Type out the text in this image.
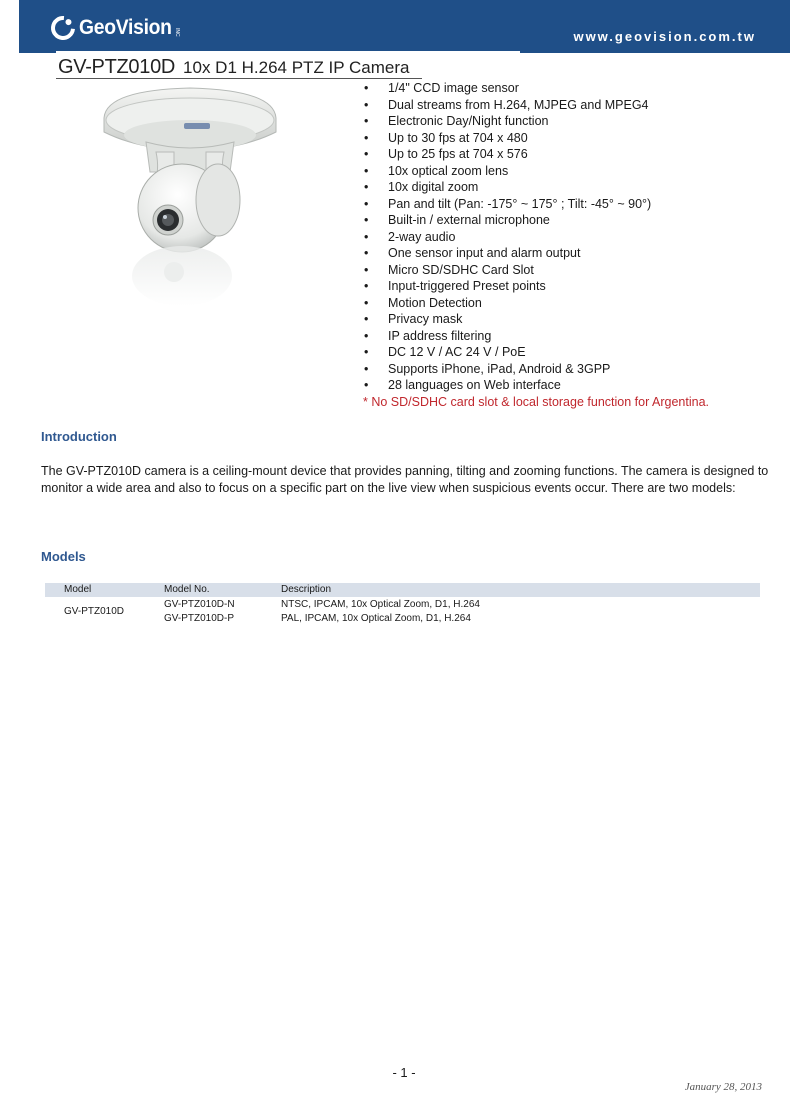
GeoVision INC	www.geovision.com.tw
GV-PTZ010D 10x D1 H.264 PTZ IP Camera
• 1/4" CCD image sensor
• Dual streams from H.264, MJPEG and MPEG4
• Electronic Day/Night function
• Up to 30 fps at 704 x 480
• Up to 25 fps at 704 x 576
• 10x optical zoom lens
• 10x digital zoom
• Pan and tilt (Pan: -175° ~ 175° ; Tilt: -45° ~ 90°)
• Built-in / external microphone
• 2-way audio
• One sensor input and alarm output
• Micro SD/SDHC Card Slot
• Input-triggered Preset points
• Motion Detection
• Privacy mask
• IP address filtering
• DC 12 V / AC 24 V / PoE
• Supports iPhone, iPad, Android & 3GPP
• 28 languages on Web interface
* No SD/SDHC card slot & local storage function for Argentina.
Introduction
The GV-PTZ010D camera is a ceiling-mount device that provides panning, tilting and zooming functions. The camera is designed to monitor a wide area and also to focus on a specific part on the live view when suspicious events occur. There are two models:
Models
Model	Model No.	Description
GV-PTZ010D
GV-PTZ010D-N	NTSC, IPCAM, 10x Optical Zoom, D1, H.264
GV-PTZ010D-P	PAL, IPCAM, 10x Optical Zoom, D1, H.264
- 1 -
January 28, 2013
